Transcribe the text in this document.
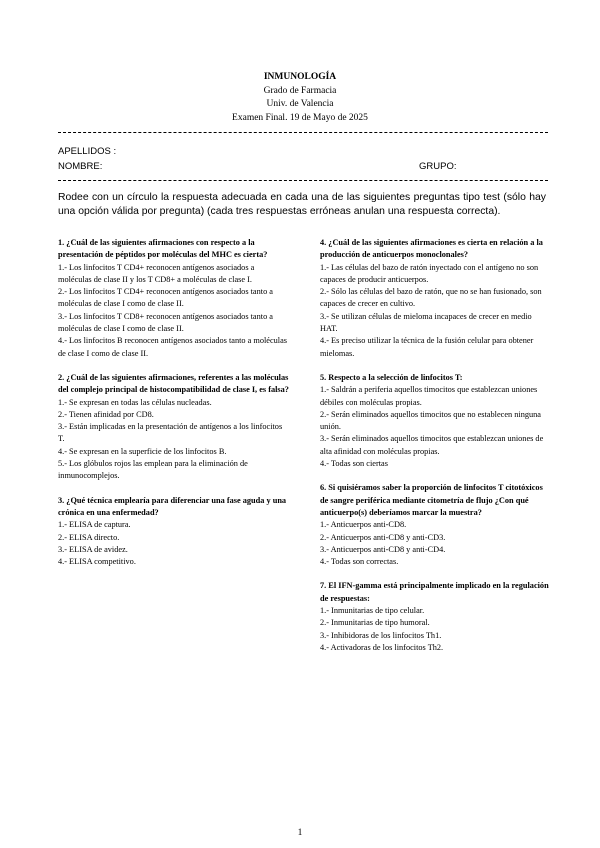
INMUNOLOGÍA
Grado de Farmacia
Univ. de Valencia
Examen Final. 19 de Mayo de 2025
APELLIDOS :
NOMBRE:	GRUPO:
Rodee con un círculo la respuesta adecuada en cada una de las siguientes preguntas tipo test (sólo hay una opción válida por pregunta) (cada tres respuestas erróneas anulan una respuesta correcta).
1. ¿Cuál de las siguientes afirmaciones con respecto a la presentación de péptidos por moléculas del MHC es cierta?
1.- Los linfocitos T CD4+ reconocen antígenos asociados a moléculas de clase II y los T CD8+ a moléculas de clase I.
2.- Los linfocitos T CD4+ reconocen antígenos asociados tanto a moléculas de clase I como de clase II.
3.- Los linfocitos T CD8+ reconocen antígenos asociados tanto a moléculas de clase I como de clase II.
4.- Los linfocitos B reconocen antígenos asociados tanto a moléculas de clase I como de clase II.
2. ¿Cuál de las siguientes afirmaciones, referentes a las moléculas del complejo principal de histocompatibilidad de clase I, es falsa?
1.- Se expresan en todas las células nucleadas.
2.- Tienen afinidad por CD8.
3.- Están implicadas en la presentación de antígenos a los linfocitos T.
4.- Se expresan en la superficie de los linfocitos B.
5.- Los glóbulos rojos las emplean para la eliminación de inmunocomplejos.
3. ¿Qué técnica emplearía para diferenciar una fase aguda y una crónica en una enfermedad?
1.- ELISA de captura.
2.- ELISA directo.
3.- ELISA de avidez.
4.- ELISA competitivo.
4. ¿Cuál de las siguientes afirmaciones es cierta en relación a la producción de anticuerpos monoclonales?
1.- Las células del bazo de ratón inyectado con el antígeno no son capaces de producir anticuerpos.
2.- Sólo las células del bazo de ratón, que no se han fusionado, son capaces de crecer en cultivo.
3.- Se utilizan células de mieloma incapaces de crecer en medio HAT.
4.- Es preciso utilizar la técnica de la fusión celular para obtener mielomas.
5. Respecto a la selección de linfocitos T:
1.- Saldrán a periferia aquellos timocitos que establezcan uniones débiles con moléculas propias.
2.- Serán eliminados aquellos timocitos que no establecen ninguna unión.
3.- Serán eliminados aquellos timocitos que establezcan uniones de alta afinidad con moléculas propias.
4.- Todas son ciertas
6. Si quisiéramos saber la proporción de linfocitos T citotóxicos de sangre periférica mediante citometría de flujo ¿Con qué anticuerpo(s) deberíamos marcar la muestra?
1.- Anticuerpos anti-CD8.
2.- Anticuerpos anti-CD8 y anti-CD3.
3.- Anticuerpos anti-CD8 y anti-CD4.
4.- Todas son correctas.
7. El IFN-gamma está principalmente implicado en la regulación de respuestas:
1.- Inmunitarias de tipo celular.
2.- Inmunitarias de tipo humoral.
3.- Inhibidoras de los linfocitos Th1.
4.- Activadoras de los linfocitos Th2.
1
